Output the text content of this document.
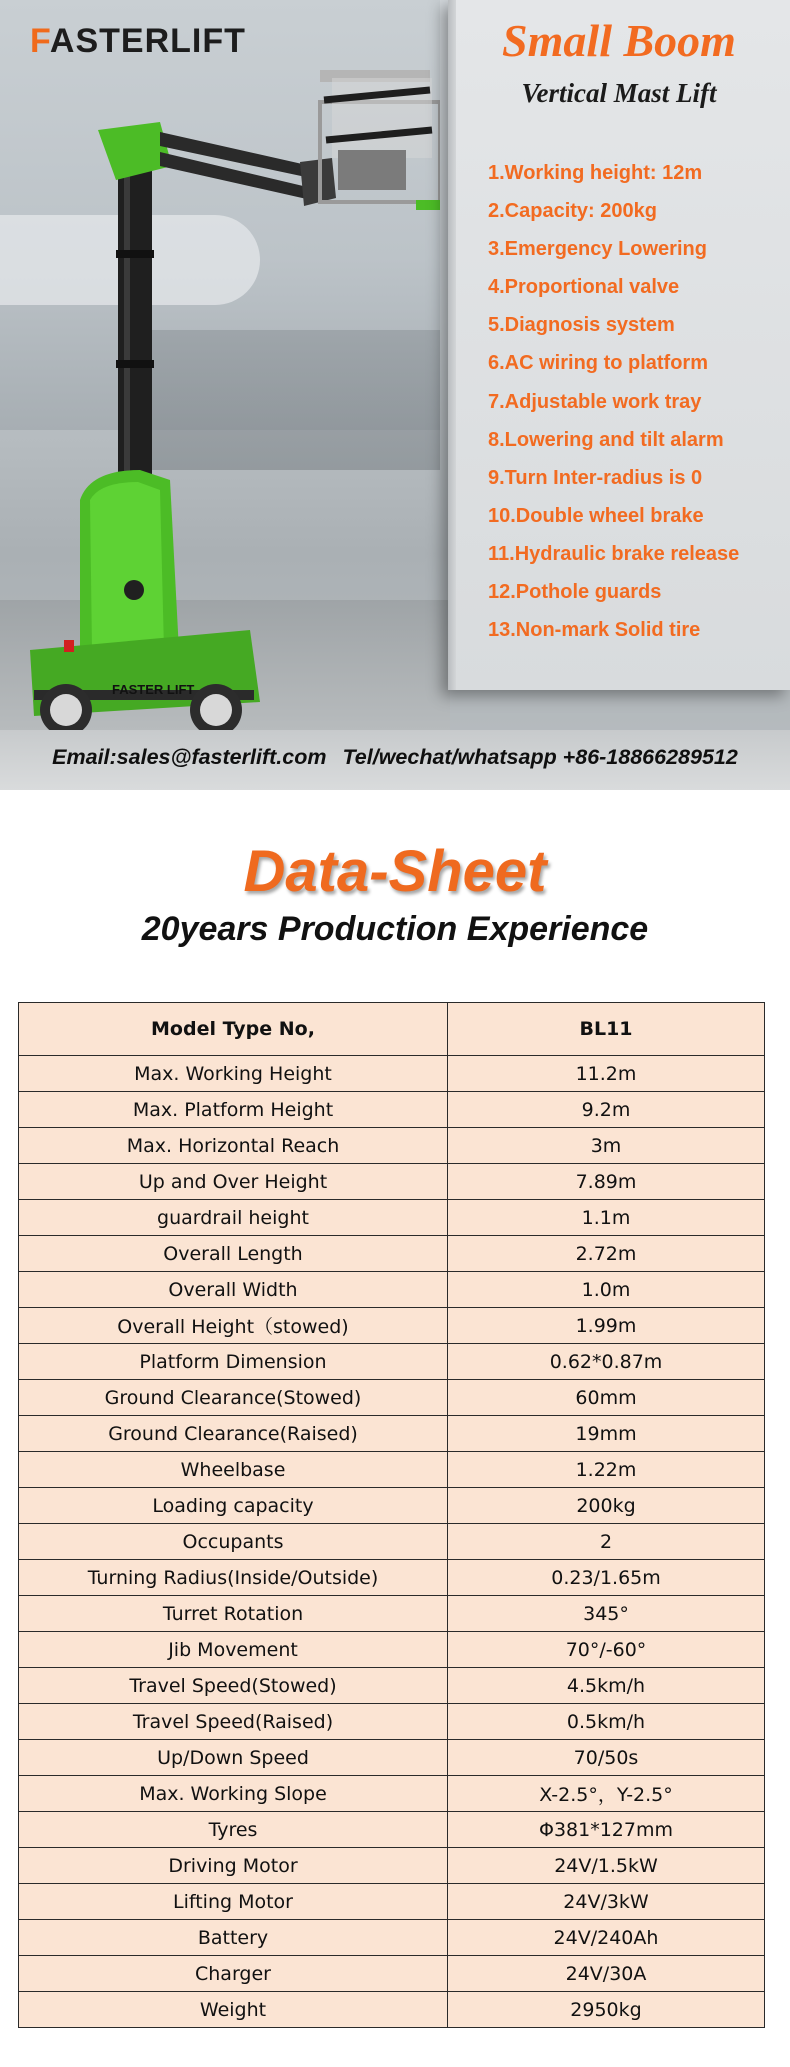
FASTER LIFT
FASTERLIFT	Small Boom
Vertical Mast Lift
1.Working height: 12m
2.Capacity: 200kg
3.Emergency Lowering
4.Proportional valve
5.Diagnosis system
6.AC wiring to platform
7.Adjustable work tray
8.Lowering and tilt alarm
9.Turn Inter-radius is 0
10.Double wheel brake
11.Hydraulic brake release
12.Pothole guards
13.Non-mark Solid tire
Email:sales@fasterlift.com Tel/wechat/whatsapp +86-18866289512
Data-Sheet
20years Production Experience
Model Type No,	BL11
Max. Working Height	11.2m
Max. Platform Height	9.2m
Max. Horizontal Reach	3m
Up and Over Height	7.89m
guardrail height	1.1m
Overall Length	2.72m
Overall Width	1.0m
Overall Height（stowed)	1.99m
Platform Dimension	0.62*0.87m
Ground Clearance(Stowed)	60mm
Ground Clearance(Raised)	19mm
Wheelbase	1.22m
Loading capacity	200kg
Occupants	2
Turning Radius(Inside/Outside)	0.23/1.65m
Turret Rotation	345°
Jib Movement	70°/-60°
Travel Speed(Stowed)	4.5km/h
Travel Speed(Raised)	0.5km/h
Up/Down Speed	70/50s
Max. Working Slope	X-2.5°，Y-2.5°
Tyres	Φ381*127mm
Driving Motor	24V/1.5kW
Lifting Motor	24V/3kW
Battery	24V/240Ah
Charger	24V/30A
Weight	2950kg
